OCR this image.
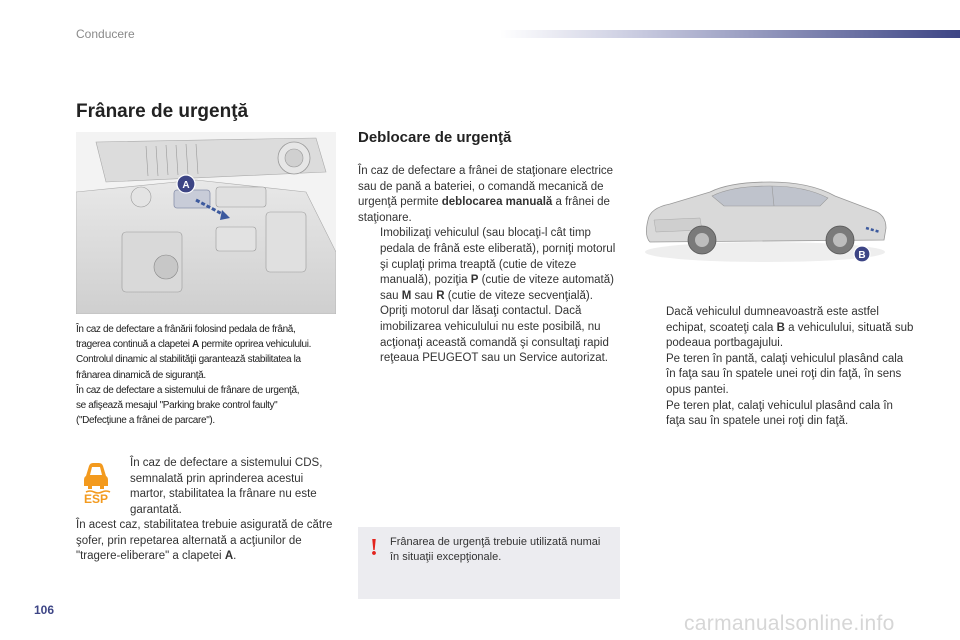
Conducere
Frânare de urgenţă
A

În caz de defectare a frânării folosind pedala de frână,

tragerea continuă a clapetei A permite oprirea vehiculului.

Controlul dinamic al stabilităţii garantează stabilitatea la

frânarea dinamică de siguranţă.

În caz de defectare a sistemului de frânare de urgenţă,

se afişează mesajul "Parking brake control faulty"

("Defecţiune a frânei de parcare").

ESP
În caz de defectare a sistemului CDS, semnalată prin aprinderea acestui martor, stabilitatea la frânare nu este garantată.
În acest caz, stabilitatea trebuie asigurată de către şofer, prin repetarea alternată a acţiunilor de "tragere-eliberare" a clapetei A.
Deblocare de urgenţă

În caz de defectare a frânei de staţionare electrice sau de pană a bateriei, o comandă mecanică de urgenţă permite deblocarea manuală a frânei de staţionare.

Imobilizaţi vehiculul (sau blocaţi-l cât timp pedala de frână este eliberată), porniţi motorul şi cuplaţi prima treaptă (cutie de viteze manuală), poziţia P (cutie de viteze automată) sau M sau R (cutie de viteze secvenţială).
Opriţi motorul dar lăsaţi contactul. Dacă imobilizarea vehiculului nu este posibilă, nu acţionaţi această comandă şi consultaţi rapid reţeaua PEUGEOT sau un Service autorizat.
B
Dacă vehiculul dumneavoastră este astfel echipat, scoateţi cala B a vehiculului, situată sub podeaua portbagajului.

Pe teren în pantă, calaţi vehiculul plasând cala în faţa sau în spatele unei roţi din faţă, în sens opus pantei.

Pe teren plat, calaţi vehiculul plasând cala în faţa sau în spatele unei roţi din faţă.

! Frânarea de urgenţă trebuie utilizată numai în situaţii excepţionale.
106
carmanualsonline.info
